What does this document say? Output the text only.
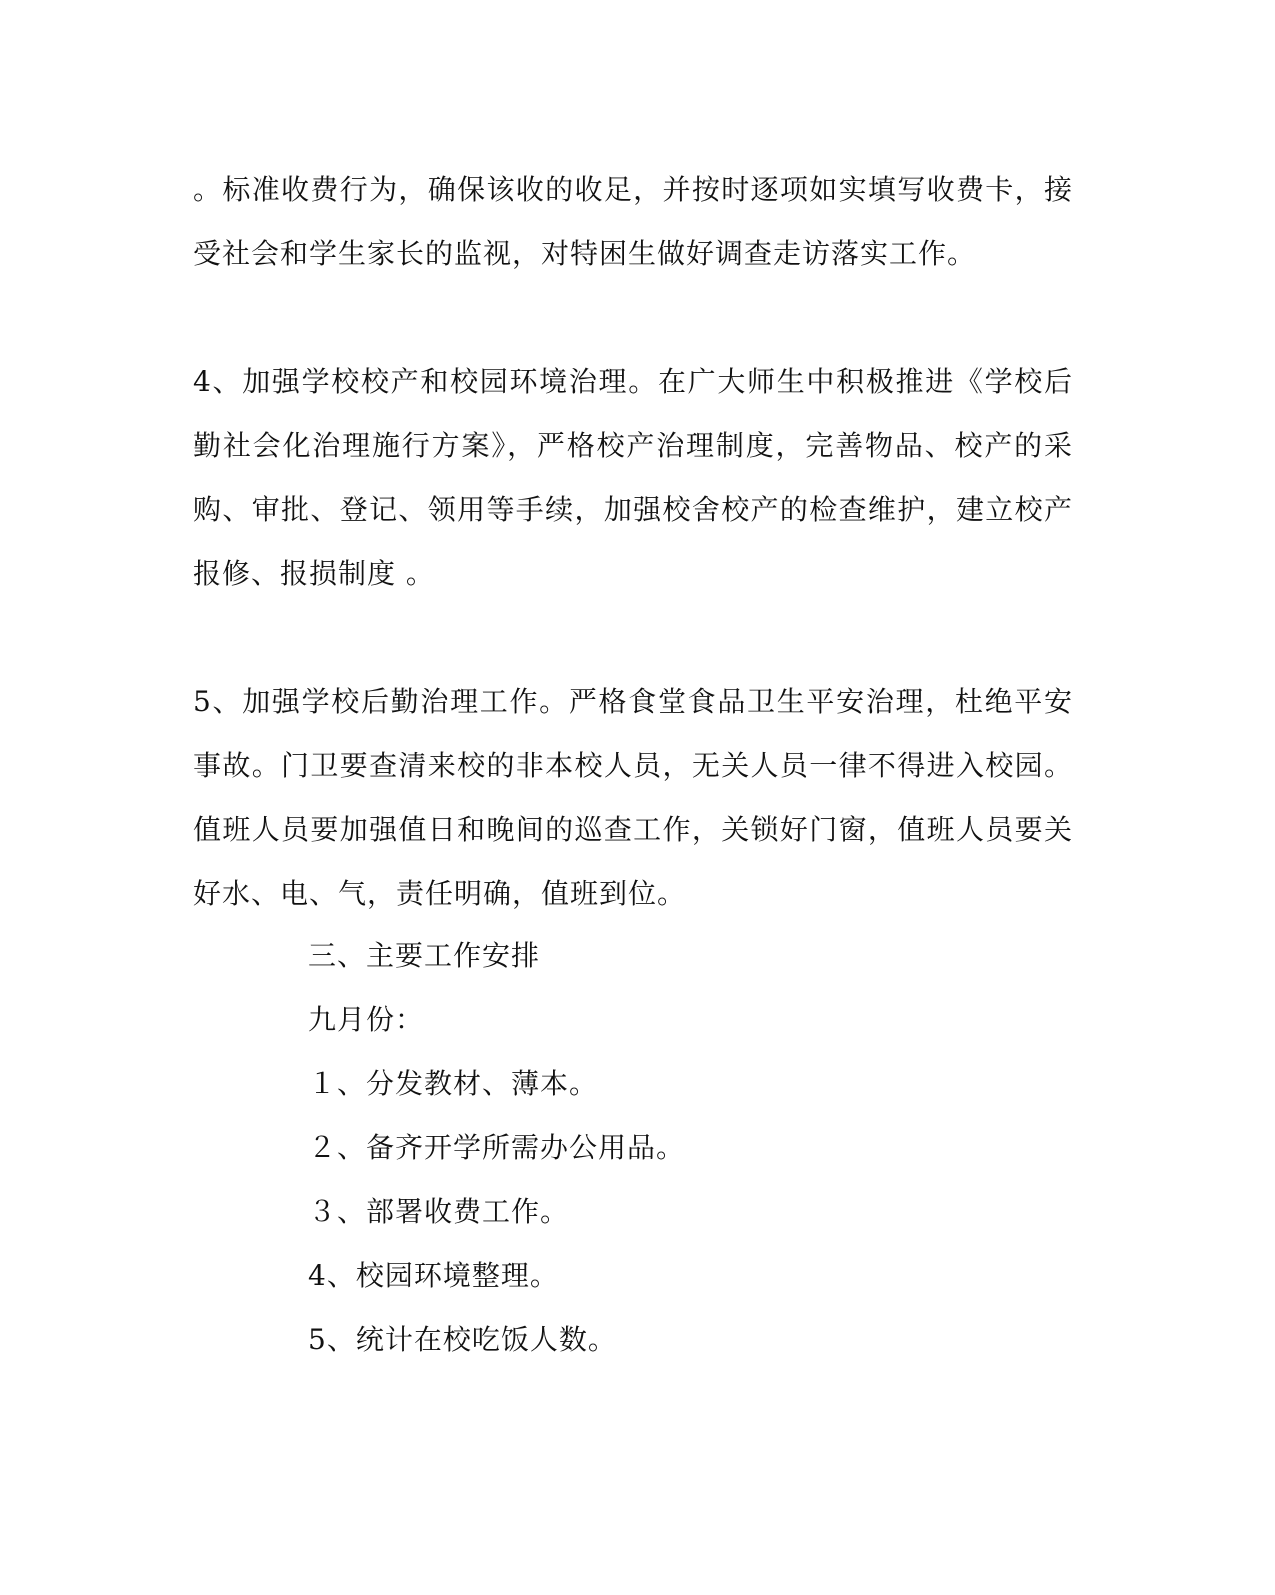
。标准收费行为，确保该收的收足，并按时逐项如实填写收费卡，接受社会和学生家长的监视，对特困生做好调查走访落实工作。

4、加强学校校产和校园环境治理。在广大师生中积极推进《学校后勤社会化治理施行方案》，严格校产治理制度，完善物品、校产的采购、审批、登记、领用等手续，加强校舍校产的检查维护，建立校产报修、报损制度 。

5、加强学校后勤治理工作。严格食堂食品卫生平安治理，杜绝平安事故。门卫要查清来校的非本校人员，无关人员一律不得进入校园。值班人员要加强值日和晚间的巡查工作，关锁好门窗，值班人员要关好水、电、气，责任明确，值班到位。

三、主要工作安排

九月份：

１、分发教材、薄本。

２、备齐开学所需办公用品。

３、部署收费工作。

4、校园环境整理。

5、统计在校吃饭人数。
